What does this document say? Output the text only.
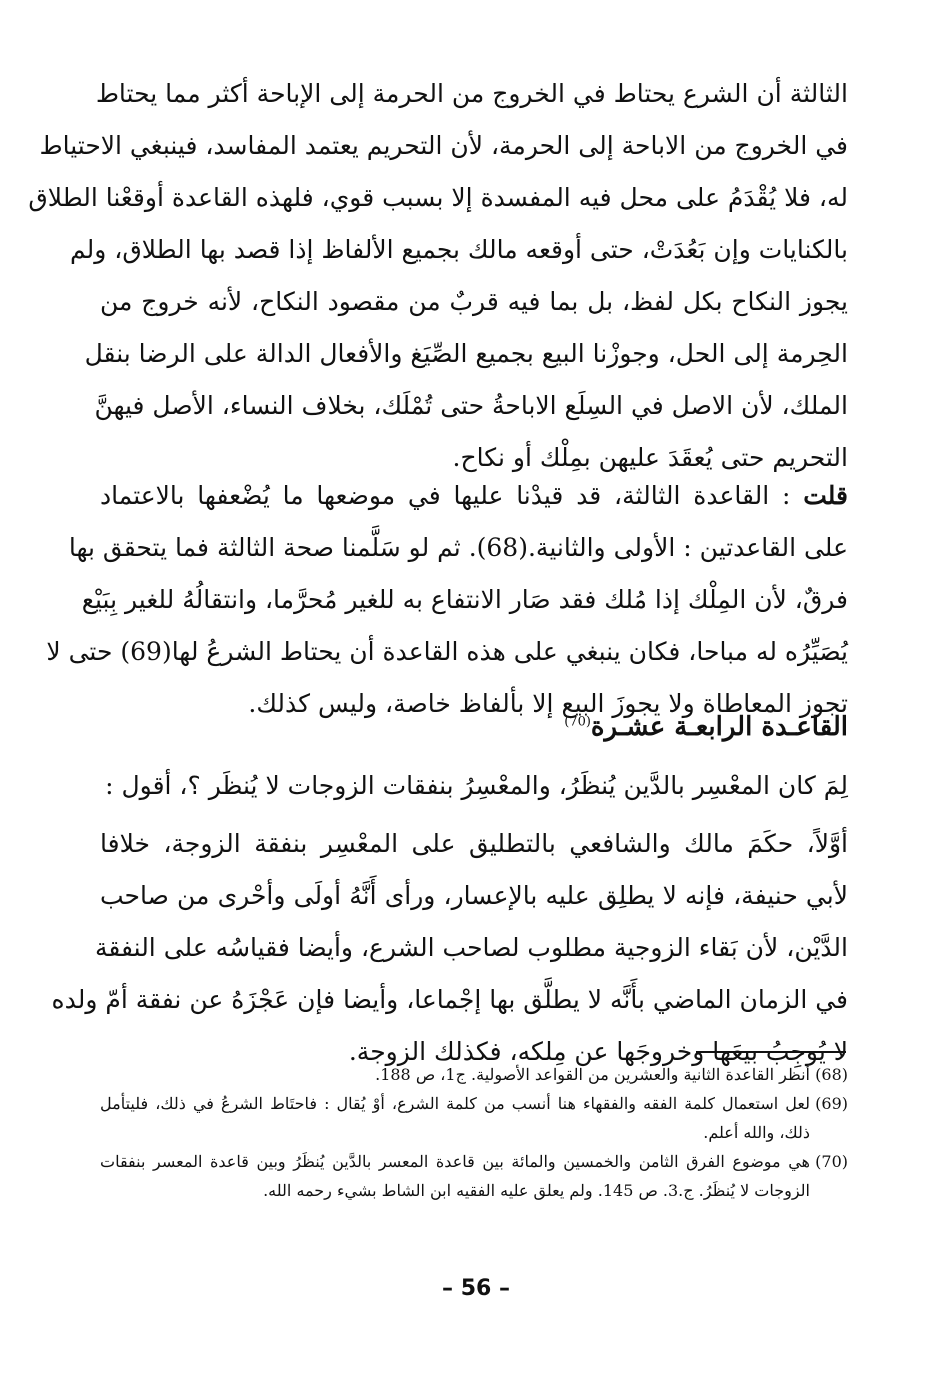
الثالثة أن الشرع يحتاط في الخروج من الحرمة إلى الإباحة أكثر مما يحتاط
في الخروج من الاباحة إلى الحرمة، لأن التحريم يعتمد المفاسد، فينبغي الاحتياط
له، فلا يُقْدَمُ على محل فيه المفسدة إلا بسبب قوي، فلهذه القاعدة أوقعْنا الطلاق
بالكنايات وإن بَعُدَتْ، حتى أوقعه مالك بجميع الألفاظ إذا قصد بها الطلاق، ولم
يجوز النكاح بكل لفظ، بل بما فيه قربٌ من مقصود النكاح، لأنه خروج من
الحِرمة إلى الحل، وجوزْنا البيع بجميع الصِّيَغ والأفعال الدالة على الرضا بنقل
الملك، لأن الاصل في السِلَع الاباحةُ حتى تُمْلَك، بخلاف النساء، الأصل فيهنَّ
التحريم حتى يُعقَدَ عليهن بمِلْك أو نكاح.
قلت : القاعدة الثالثة، قد قيدْنا عليها في موضعها ما يُضْعفها بالاعتماد
على القاعدتين : الأولى والثانية.(68). ثم لو سَلَّمنا صحة الثالثة فما يتحقق بها
فرقٌ، لأن المِلْك إذا مُلك فقد صَار الانتفاع به للغير مُحرَّما، وانتقالُهُ للغير بِبَيْع
يُصَيِّرُه له مباحا، فكان ينبغي على هذه القاعدة أن يحتاط الشرعُ لها(69) حتى لا
تجوز المعاطاة ولا يجوزَ البيع إلا بألفاظ خاصة، وليس كذلك.
القاعـدة الرابعـة عشـرة$^{(70)}$
لِمَ كان المعْسِر بالدَّين يُنظَرُ، والمعْسِرُ بنفقات الزوجات لا يُنظَر ؟، أقول :
أوَّلاً، حكَمَ مالك والشافعي بالتطليق على المعْسِر بنفقة الزوجة، خلافا
لأبي حنيفة، فإنه لا يطلِق عليه بالإعسار، ورأى أَنَّهُ أولَى وأحْرى من صاحب
الدَّيْن، لأن بَقاء الزوجية مطلوب لصاحب الشرع، وأيضا فقياسُه على النفقة
في الزمان الماضي بأَنَّه لا يطلَّق بها إجْماعا، وأيضا فإن عَجْزَهُ عن نفقة أمّ ولده
لا يُوجِبُ بيعَها وخروجَها عن مِلكه، فكذلك الزوجة.
(68)
أنظر القاعدة الثانية والعشرين من القواعد الأصولية. ج1، ص 188.
(69)
لعل استعمال كلمة الفقه والفقهاء هنا أنسب من كلمة الشرع، أوْ يُقال : فاحتَاط الشرعُ في ذلك، فليتأمل ذلك، والله أعلم.
(70)
هي موضوع الفرق الثامن والخمسين والمائة بين قاعدة المعسر بالدَّين يُنظَرُ وبين قاعدة المعسر بنفقات الزوجات لا يُنظَرُ. ج.3. ص 145. ولم يعلق عليه الفقيه ابن الشاط بشيء رحمه الله.
– 56 –
